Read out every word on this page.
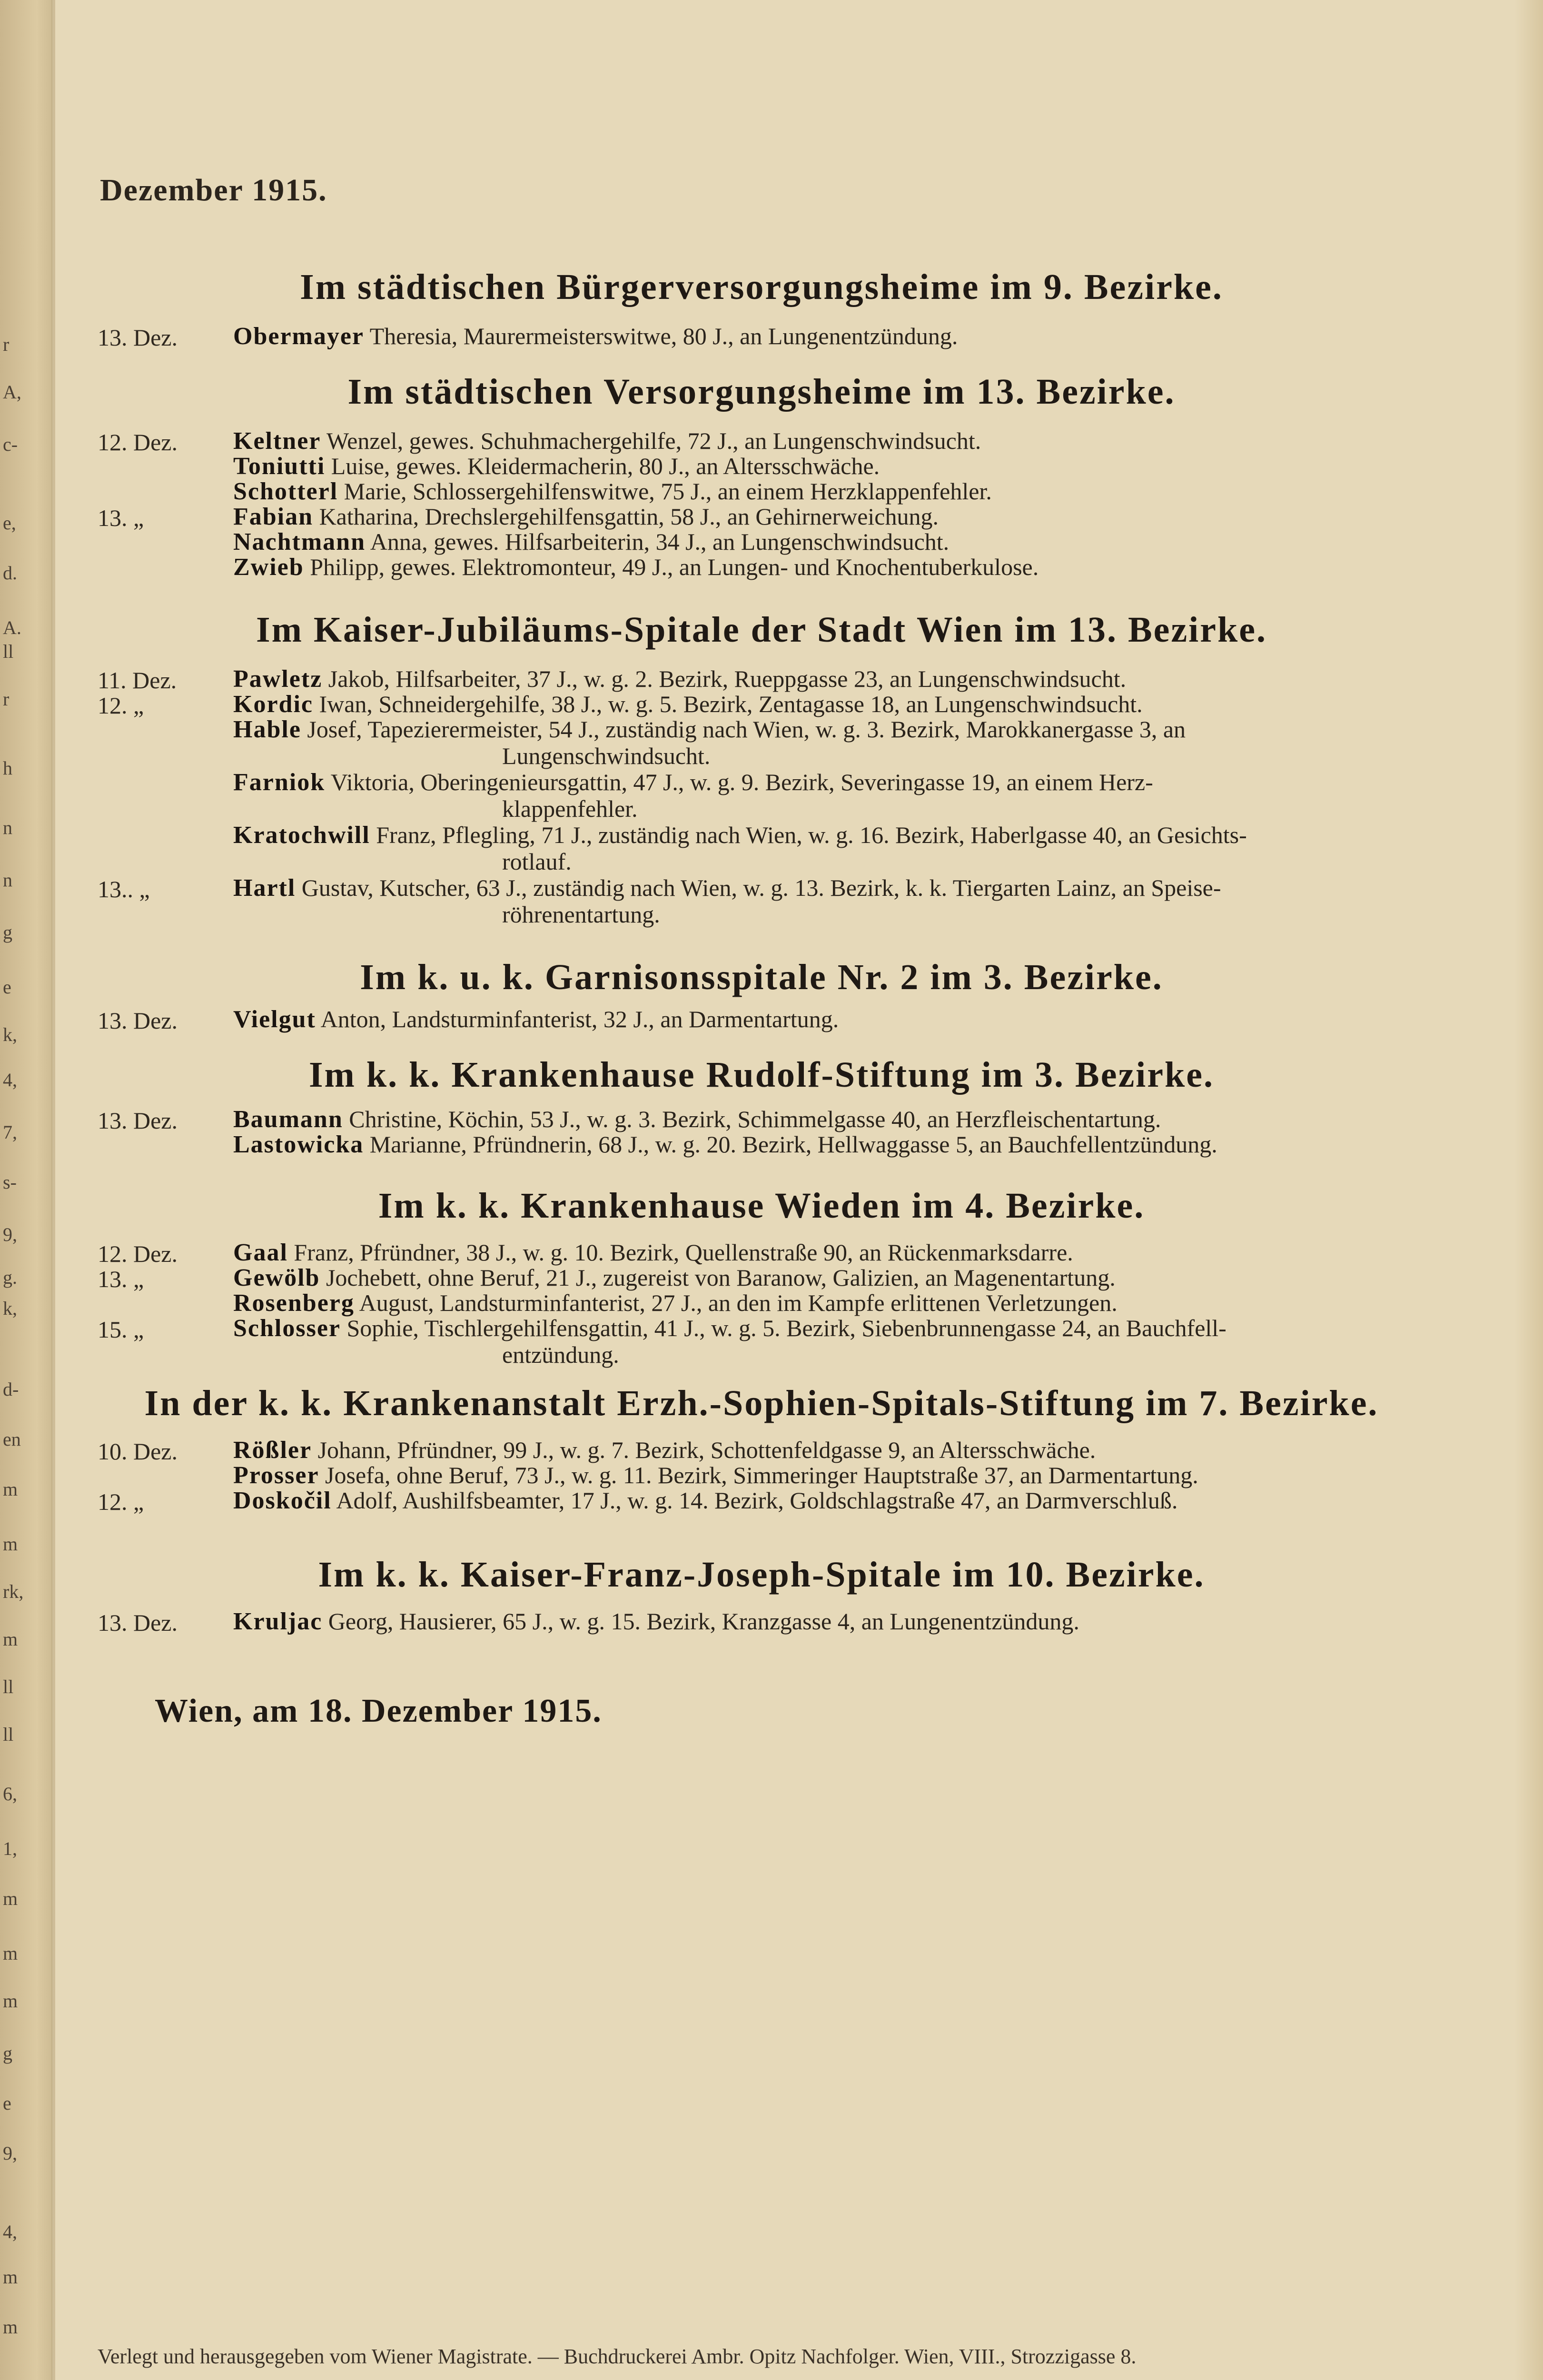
r
A,
c-
e,
d.
A.
ll
r
h
n
n
g
e
k,
4,
7,
s-
9,
g.
k,
d-
en
m
m
rk,
m
ll
ll
6,
1,
m
m
m
g
e
9,
4,
m
m
Dezember 1915.
Im städtischen Bürgerversorgungsheime im 9. Bezirke.
13. Dez. Obermayer Theresia, Maurermeisterswitwe, 80 J., an Lungenentzündung.
Im städtischen Versorgungsheime im 13. Bezirke.
12. Dez. Keltner Wenzel, gewes. Schuhmachergehilfe, 72 J., an Lungenschwindsucht.
Toniutti Luise, gewes. Kleidermacherin, 80 J., an Altersschwäche.
Schotterl Marie, Schlossergehilfenswitwe, 75 J., an einem Herzklappenfehler.
13. „	Fabian Katharina, Drechslergehilfensgattin, 58 J., an Gehirnerweichung.
Nachtmann Anna, gewes. Hilfsarbeiterin, 34 J., an Lungenschwindsucht.
Zwieb Philipp, gewes. Elektromonteur, 49 J., an Lungen- und Knochentuberkulose.
Im Kaiser-Jubiläums-Spitale der Stadt Wien im 13. Bezirke.
11. Dez. Pawletz Jakob, Hilfsarbeiter, 37 J., w. g. 2. Bezirk, Rueppgasse 23, an Lungenschwindsucht.
12. „	Kordic Iwan, Schneidergehilfe, 38 J., w. g. 5. Bezirk, Zentagasse 18, an Lungenschwindsucht.
Hable Josef, Tapezierermeister, 54 J., zuständig nach Wien, w. g. 3. Bezirk, Marokkanergasse 3, an
Lungenschwindsucht.
Farniok Viktoria, Oberingenieursgattin, 47 J., w. g. 9. Bezirk, Severingasse 19, an einem Herz-
klappenfehler.
Kratochwill Franz, Pflegling, 71 J., zuständig nach Wien, w. g. 16. Bezirk, Haberlgasse 40, an Gesichts-
rotlauf.
13.. „	Hartl Gustav, Kutscher, 63 J., zuständig nach Wien, w. g. 13. Bezirk, k. k. Tiergarten Lainz, an Speise-
röhrenentartung.
Im k. u. k. Garnisonsspitale Nr. 2 im 3. Bezirke.
13. Dez. Vielgut Anton, Landsturminfanterist, 32 J., an Darmentartung.
Im k. k. Krankenhause Rudolf-Stiftung im 3. Bezirke.
13. Dez. Baumann Christine, Köchin, 53 J., w. g. 3. Bezirk, Schimmelgasse 40, an Herzfleischentartung.
Lastowicka Marianne, Pfründnerin, 68 J., w. g. 20. Bezirk, Hellwaggasse 5, an Bauchfellentzündung.
Im k. k. Krankenhause Wieden im 4. Bezirke.
12. Dez. Gaal Franz, Pfründner, 38 J., w. g. 10. Bezirk, Quellenstraße 90, an Rückenmarksdarre.
13. „	Gewölb Jochebett, ohne Beruf, 21 J., zugereist von Baranow, Galizien, an Magenentartung.
Rosenberg August, Landsturminfanterist, 27 J., an den im Kampfe erlittenen Verletzungen.
15. „	Schlosser Sophie, Tischlergehilfensgattin, 41 J., w. g. 5. Bezirk, Siebenbrunnengasse 24, an Bauchfell-
entzündung.
In der k. k. Krankenanstalt Erzh.-Sophien-Spitals-Stiftung im 7. Bezirke.
10. Dez. Rößler Johann, Pfründner, 99 J., w. g. 7. Bezirk, Schottenfeldgasse 9, an Altersschwäche.
Prosser Josefa, ohne Beruf, 73 J., w. g. 11. Bezirk, Simmeringer Hauptstraße 37, an Darmentartung.
12. „	Doskočil Adolf, Aushilfsbeamter, 17 J., w. g. 14. Bezirk, Goldschlagstraße 47, an Darmverschluß.
Im k. k. Kaiser-Franz-Joseph-Spitale im 10. Bezirke.
13. Dez. Kruljac Georg, Hausierer, 65 J., w. g. 15. Bezirk, Kranzgasse 4, an Lungenentzündung.
Wien, am 18. Dezember 1915.
Verlegt und herausgegeben vom Wiener Magistrate. — Buchdruckerei Ambr. Opitz Nachfolger. Wien, VIII., Strozzigasse 8.
